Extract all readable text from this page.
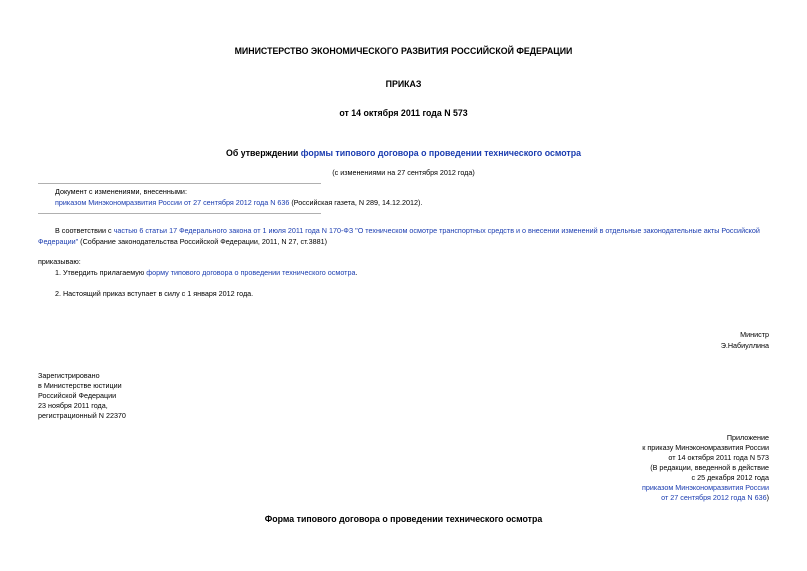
МИНИСТЕРСТВО ЭКОНОМИЧЕСКОГО РАЗВИТИЯ РОССИЙСКОЙ ФЕДЕРАЦИИ
ПРИКАЗ
от 14 октября 2011 года N 573
Об утверждении формы типового договора о проведении технического осмотра
(с изменениями на 27 сентября 2012 года)
Документ с изменениями, внесенными:
приказом Минэкономразвития России от 27 сентября 2012 года N 636 (Российская газета, N 289, 14.12.2012).
В соответствии с частью 6 статьи 17 Федерального закона от 1 июля 2011 года N 170-ФЗ "О техническом осмотре транспортных средств и о внесении изменений в отдельные законодательные акты Российской
Федерации" (Собрание законодательства Российской Федерации, 2011, N 27, ст.3881)
приказываю:
1. Утвердить прилагаемую форму типового договора о проведении технического осмотра.
2. Настоящий приказ вступает в силу с 1 января 2012 года.
Министр
Э.Набиуллина
Зарегистрировано
в Министерстве юстиции
Российской Федерации
23 ноября 2011 года,
регистрационный N 22370
Приложение
к приказу Минэкономразвития России
от 14 октября 2011 года N 573
(В редакции, введенной в действие
с 25 декабря 2012 года
приказом Минэкономразвития России
от 27 сентября 2012 года N 636)
Форма типового договора о проведении технического осмотра
